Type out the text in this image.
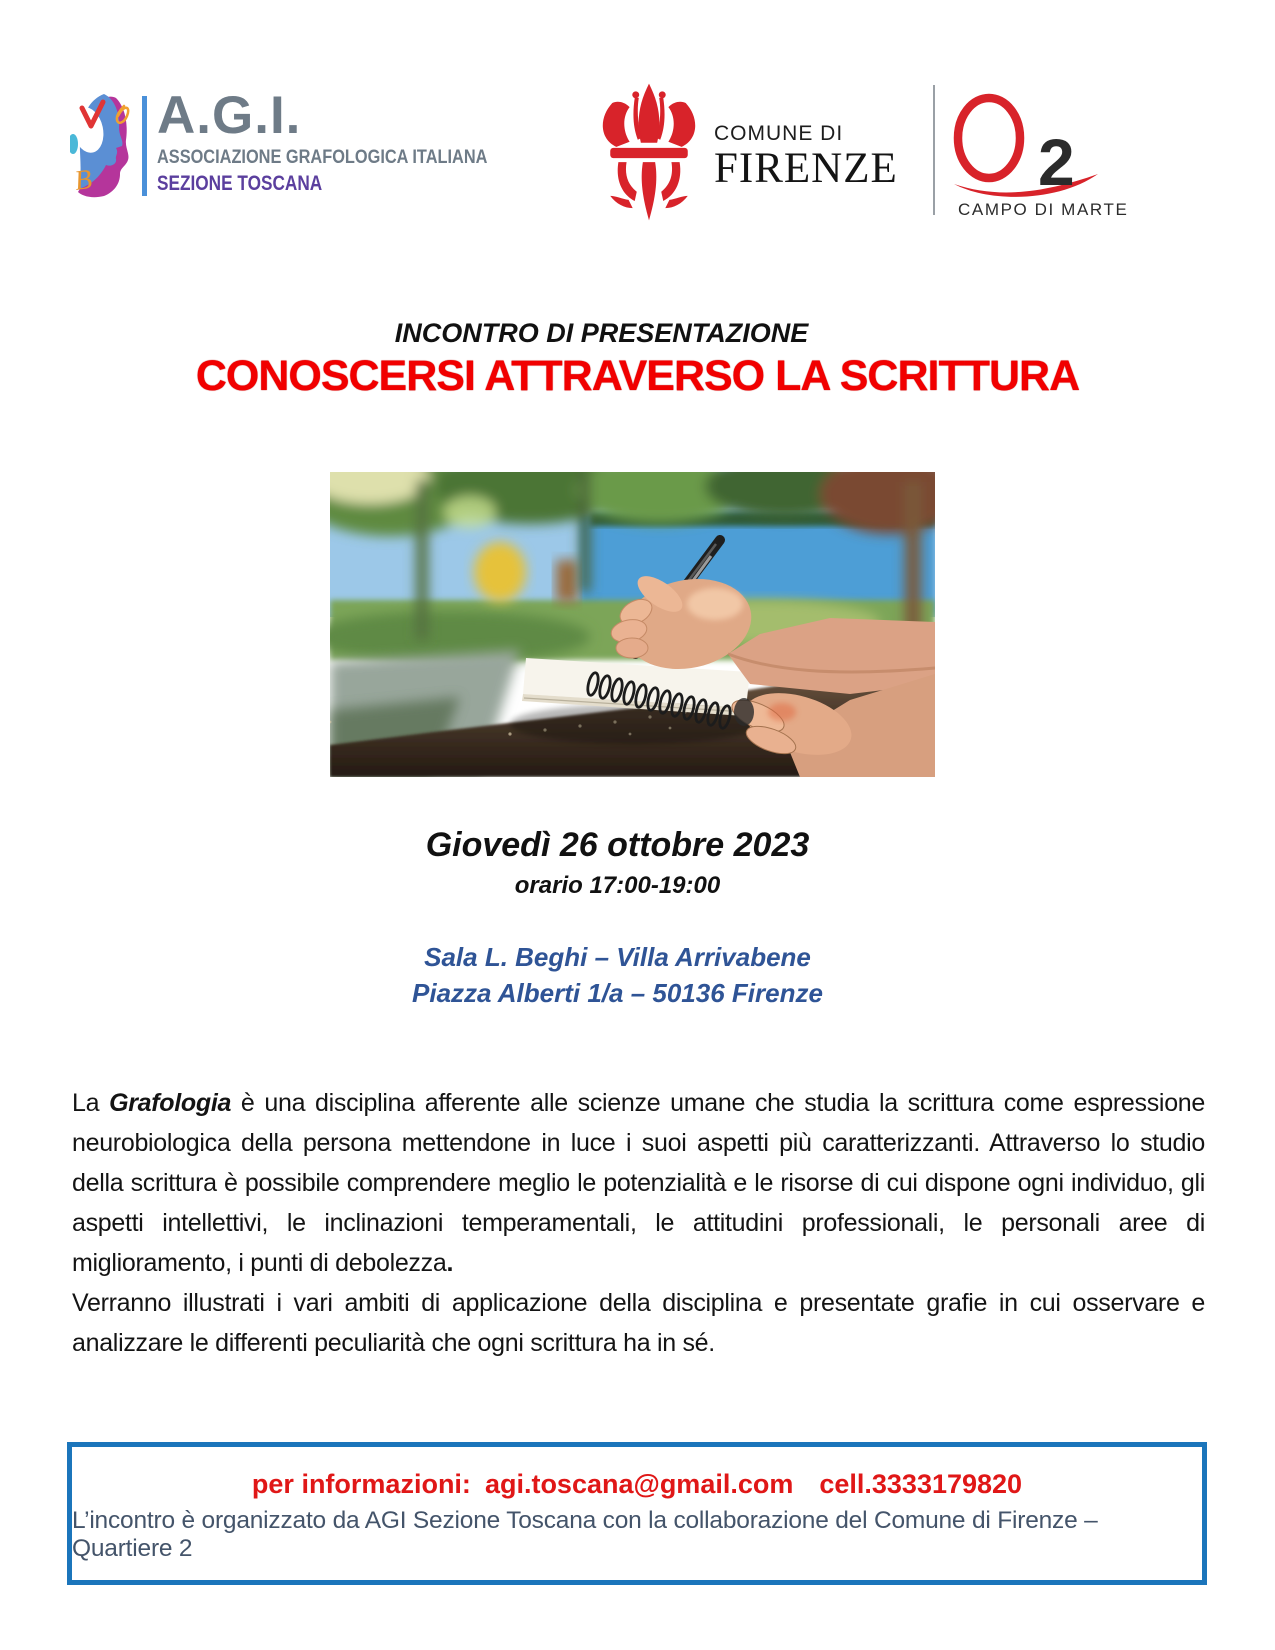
B
A.G.I.
ASSOCIAZIONE GRAFOLOGICA ITALIANA
SEZIONE TOSCANA
COMUNE DI
FIRENZE 2
CAMPO DI MARTE
INCONTRO DI PRESENTAZIONE
CONOSCERSI ATTRAVERSO LA SCRITTURA
Giovedì 26 ottobre 2023
orario 17:00-19:00
Sala L. Beghi – Villa Arrivabene
Piazza Alberti 1/a – 50136 Firenze

La Grafologia è una disciplina afferente alle scienze umane che studia la scrittura come espressione neurobiologica della persona mettendone in luce i suoi aspetti più caratterizzanti. Attraverso lo studio della scrittura è possibile comprendere meglio le potenzialità e le risorse di cui dispone ogni individuo, gli aspetti intellettivi, le inclinazioni temperamentali, le attitudini professionali, le personali aree di miglioramento, i punti di debolezza.

Verranno illustrati i vari ambiti di applicazione della disciplina e presentate grafie in cui osservare e analizzare le differenti peculiarità che ogni scrittura ha in sé.

per informazioni: agi.toscana@gmail.com cell.3333179820
L’incontro è organizzato da AGI Sezione Toscana con la collaborazione del Comune di Firenze – Quartiere 2
